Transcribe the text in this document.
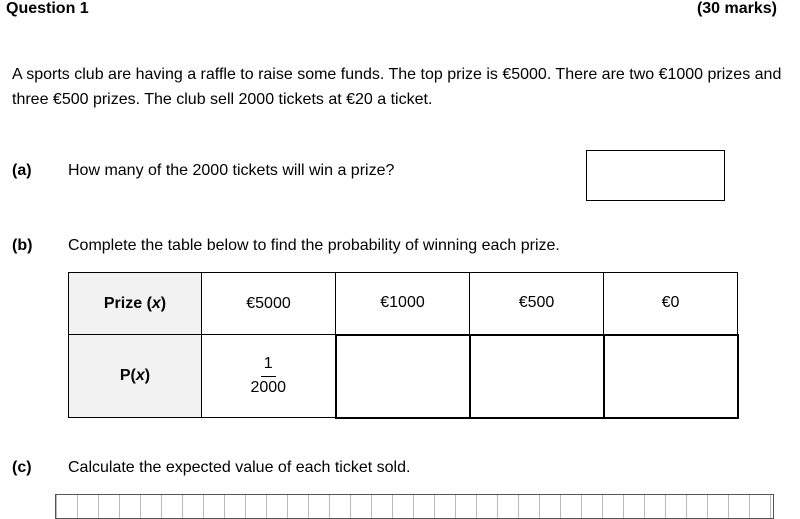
Question 1	(30 marks)
A sports club are having a raffle to raise some funds. The top prize is €5000. There are two €1000 prizes and three €500 prizes. The club sell 2000 tickets at €20 a ticket.
(a) How many of the 2000 tickets will win a prize?
(b) Complete the table below to find the probability of winning each prize.
Prize (x)	€5000	€1000	€500	€0
P(x)	$\frac{1}{2000}$

(c) Calculate the expected value of each ticket sold.
